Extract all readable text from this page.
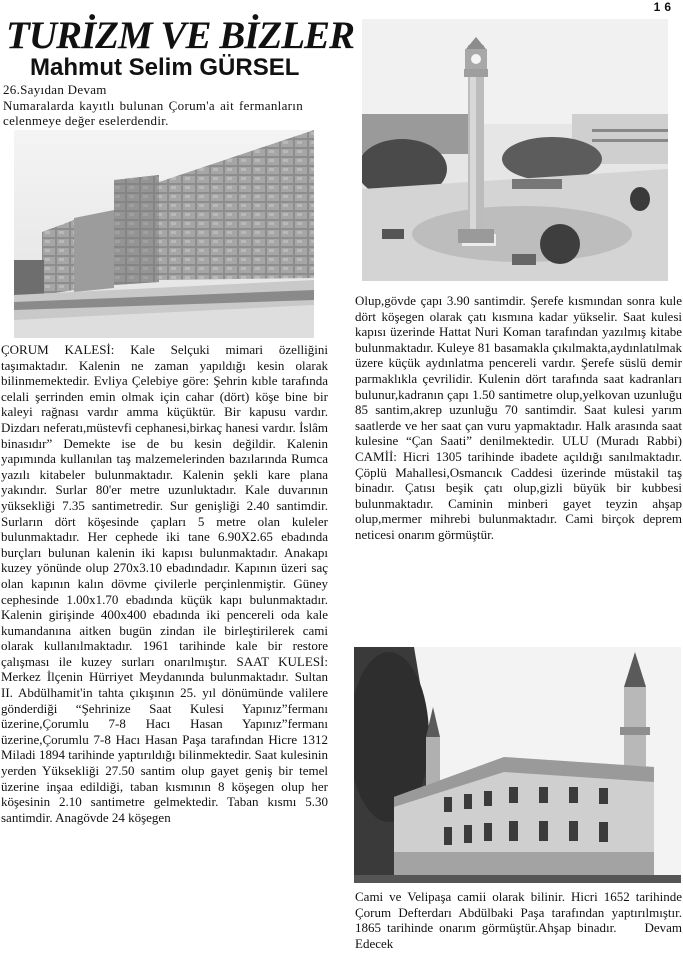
16
TURİZM VE BİZLER
Mahmut Selim GÜRSEL

26.Sayıdan Devam
Numaralarda kayıtlı bulunan Çorum'a ait fermanların celenmeye değer eselerdendir.

ÇORUM KALESİ: Kale Selçuki mimari özelliğini taşımaktadır. Kalenin ne zaman yapıldığı kesin olarak bilinmemektedir. Evliya Çelebiye göre: Şehrin kıble tarafında celali şerrinden emin olmak için cahar (dört) köşe bine bir kaleyi rağnası vardır amma küçüktür. Bir kapusu vardır. Dizdarı neferatı,müstevfi cephanesi,birkaç hanesi vardır. İslâm binasıdır” Demekte ise de bu kesin değildir. Kalenin yapımında kullanılan taş malzemelerinden bazılarında Rumca yazılı kitabeler bulunmaktadır. Kalenin şekli kare plana yakındır. Surlar 80'er metre uzunluktadır. Kale duvarının yüksekliği 7.35 santimetredir. Sur genişliği 2.40 santimdir. Surların dört köşesinde çapları 5 metre olan kuleler bulunmaktadır. Her cephede iki tane 6.90X2.65 ebadında burçları bulunan kalenin iki kapısı bulunmaktadır. Anakapı kuzey yönünde olup 270x3.10 ebadındadır. Kapının üzeri saç olan kapının kalın dövme çivilerle perçinlenmiştir. Güney cephesinde 1.00x1.70 ebadında küçük kapı bulunmaktadır. Kalenin girişinde 400x400 ebadında iki pencereli oda kale kumandanına aitken bugün zindan ile birleştirilerek cami olarak kullanılmaktadır. 1961 tarihinde kale bir restore çalışması ile kuzey surları onarılmıştır. SAAT KULESİ: Merkez İlçenin Hürriyet Meydanında bulunmaktadır. Sultan II. Abdülhamit'in tahta çıkışının 25. yıl dönümünde valilere gönderdiği “Şehrinize Saat Kulesi Yapınız”fermanı üzerine,Çorumlu 7-8 Hacı Hasan Yapınız”fermanı üzerine,Çorumlu 7-8 Hacı Hasan Paşa tarafından Hicre 1312 Miladi 1894 tarihinde yaptırıldığı bilinmektedir. Saat kulesinin yerden Yüksekliği 27.50 santim olup gayet geniş bir temel üzerine inşaa edildiği, taban kısmının 8 köşegen olup her köşesinin 2.10 santimetre gelmektedir. Taban kısmı 5.30 santimdir. Anagövde 24 köşegen

Olup,gövde çapı 3.90 santimdir. Şerefe kısmından sonra kule dört köşegen olarak çatı kısmına kadar yükselir. Saat kulesi kapısı üzerinde Hattat Nuri Koman tarafından yazılmış kitabe bulunmaktadır. Kuleye 81 basamakla çıkılmakta,aydınlatılmak üzere küçük aydınlatma pencereli vardır. Şerefe süslü demir parmaklıkla çevrilidir. Kulenin dört tarafında saat kadranları bulunur,kadranın çapı 1.50 santimetre olup,yelkovan uzunluğu 85 santim,akrep uzunluğu 70 santimdir. Saat kulesi yarım saatlerde ve her saat çan vuru yapmaktadır. Halk arasında saat kulesine “Çan Saati” denilmektedir. ULU (Muradı Rabbi) CAMİİ: Hicri 1305 tarihinde ibadete açıldığı sanılmaktadır. Çöplü Mahallesi,Osmancık Caddesi üzerinde müstakil taş binadır. Çatısı beşik çatı olup,gizli büyük bir kubbesi bulunmaktadır. Caminin minberi gayet teyzin ahşap olup,mermer mihrebi bulunmaktadır. Cami birçok deprem neticesi onarım görmüştür.

Cami ve Velipaşa camii olarak bilinir. Hicri 1652 tarihinde Çorum Defterdarı Abdülbaki Paşa tarafından yaptırılmıştır. 1865 tarihinde onarım görmüştür.Ahşap binadır. Devam Edecek
